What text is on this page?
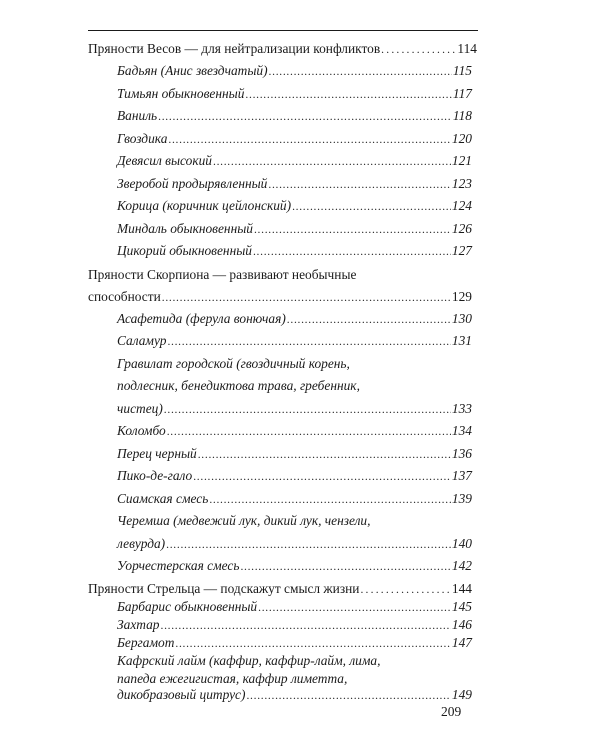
Пряности Весов — для нейтрализации конфликтов .....	114
Бадьян (Анис звездчатый) .....	115
Тимьян обыкновенный .....	117
Ваниль .....	118
Гвоздика .....	120
Девясил высокий .....	121
Зверобой продырявленный .....	123
Корица (коричник цейлонский) .....	124
Миндаль обыкновенный .....	126
Цикорий обыкновенный .....	127
Пряности Скорпиона — развивают необычные
способности .....	129
Асафетида (ферула вонючая) .....	130
Саламур .....	131
Гравилат городской (гвоздичный корень,
подлесник, бенедиктова трава, гребенник,
чистец) .....	133
Коломбо .....	134
Перец черный .....	136
Пико-де-гало .....	137
Сиамская смесь .....	139
Черемша (медвежий лук, дикий лук, чензели,
левурда) .....	140
Уорчестерская смесь .....	142
Пряности Стрельца — подскажут смысл жизни .....	144
Барбарис обыкновенный .....	145
Захтар .....	146
Бергамот .....	147
Кафрский лайм (каффир, каффир-лайм, лима,
папеда ежегигистая, каффир лиметта,
дикобразовый цитрус) .....	149
209
